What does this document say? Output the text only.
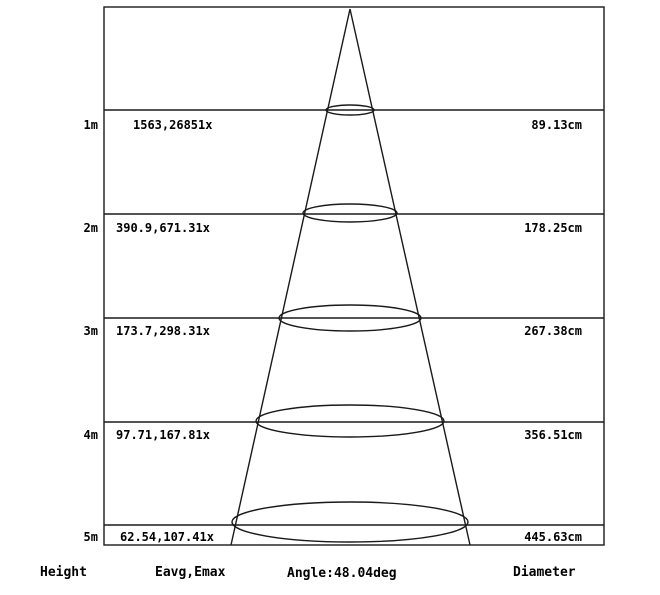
1m	1563,26851x	89.13cm
2m 390.9,671.31x	178.25cm
3m 173.7,298.31x	267.38cm
4m 97.71,167.81x	356.51cm
5m 62.54,107.41x	445.63cm
Height	Eavg,Emax	Angle:48.04deg	Diameter
